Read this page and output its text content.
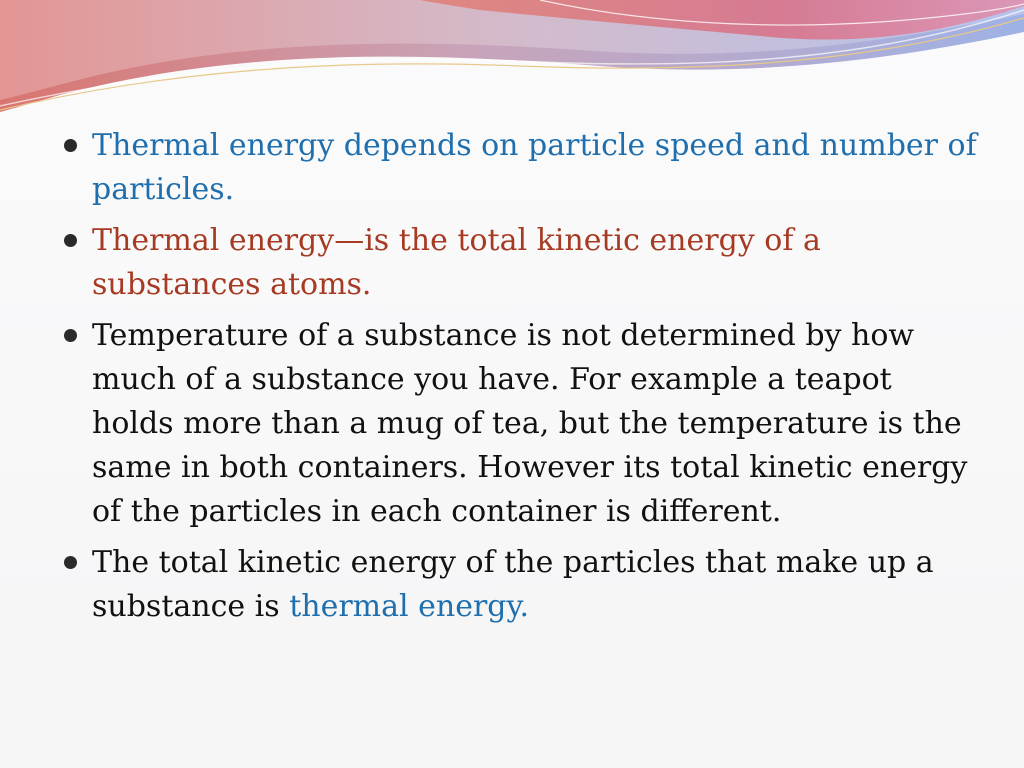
Thermal energy depends on particle speed and number of particles.
Thermal energy—is the total kinetic energy of a substances atoms.
Temperature of a substance is not determined by how much of a substance you have. For example a teapot holds more than a mug of tea, but the temperature is the same in both containers. However its total kinetic energy of the particles in each container is different.
The total kinetic energy of the particles that make up a substance is thermal energy.
